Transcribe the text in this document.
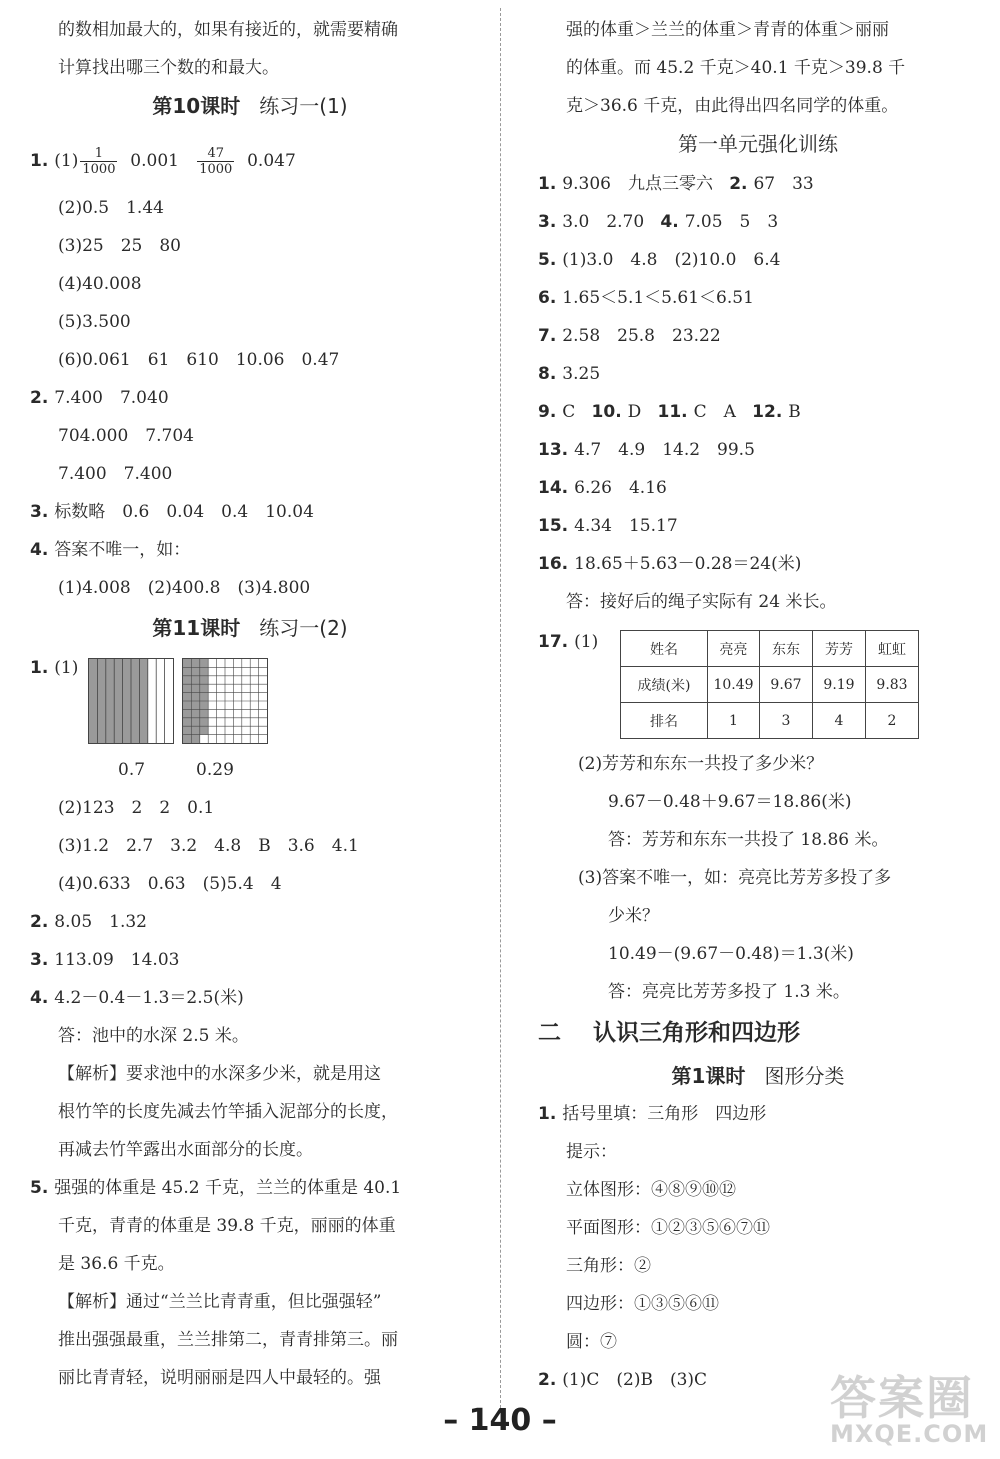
的数相加最大的，如果有接近的，就需要精确
计算找出哪三个数的和最大。
第10课时 练习一(1)
1. $(1) \frac{1}{1000} 0.001 \frac{47}{1000} 0.047$
(2)0.5　1.44
(3)25　25　80
(4)40.008
(5)3.500
(6)0.061　61　610　10.06　0.47
2. 7.400　7.040
704.000　7.704
7.400　7.400
3. 标数略　0.6　0.04　0.4　10.04
4. 答案不唯一，如：
(1)4.008　(2)400.8　(3)4.800
第11课时 练习一(2)
1. (1)
0.7　　　0.29
(2)123　2　2　0.1
(3)1.2　2.7　3.2　4.8　B　3.6　4.1
(4)0.633　0.63　(5)5.4　4
2. 8.05　1.32
3. 113.09　14.03
4. 4.2－0.4－1.3＝2.5(米)
答：池中的水深 2.5 米。
【解析】要求池中的水深多少米，就是用这
根竹竿的长度先减去竹竿插入泥部分的长度，
再减去竹竿露出水面部分的长度。
5. 强强的体重是 45.2 千克，兰兰的体重是 40.1
千克，青青的体重是 39.8 千克，丽丽的体重
是 36.6 千克。
【解析】通过“兰兰比青青重，但比强强轻”
推出强强最重，兰兰排第二，青青排第三。丽
丽比青青轻，说明丽丽是四人中最轻的。强
强的体重＞兰兰的体重＞青青的体重＞丽丽
的体重。而 45.2 千克＞40.1 千克＞39.8 千
克＞36.6 千克，由此得出四名同学的体重。
第一单元强化训练
1. 9.306　九点三零六 2. 67　33
3. 3.0　2.70 4. 7.05　5　3
5. (1)3.0　4.8　(2)10.0　6.4
6. 1.65＜5.1＜5.61＜6.51
7. 2.58　25.8　23.22
8. 3.25
9. C 10. D 11. C　A 12. B
13. 4.7　4.9　14.2　99.5
14. 6.26　4.16
15. 4.34　15.17
16. 18.65＋5.63－0.28＝24(米)
答：接好后的绳子实际有 24 米长。
17. (1)	姓名	亮亮	东东	芳芳	虹虹
成绩(米)	10.49	9.67	9.19	9.83
排名	1	3	4	2
(2)芳芳和东东一共投了多少米？
9.67－0.48＋9.67＝18.86(米)
答：芳芳和东东一共投了 18.86 米。
(3)答案不唯一，如：亮亮比芳芳多投了多
少米？
10.49－(9.67－0.48)＝1.3(米)
答：亮亮比芳芳多投了 1.3 米。
二 认识三角形和四边形
第1课时 图形分类
1. 括号里填：三角形　四边形
提示：
立体图形：④⑧⑨⑩⑫
平面图形：①②③⑤⑥⑦⑪
三角形：②
四边形：①③⑤⑥⑪
圆：⑦
2. (1)C　(2)B　(3)C
– 140 –	答案圈
MXQE.COM
